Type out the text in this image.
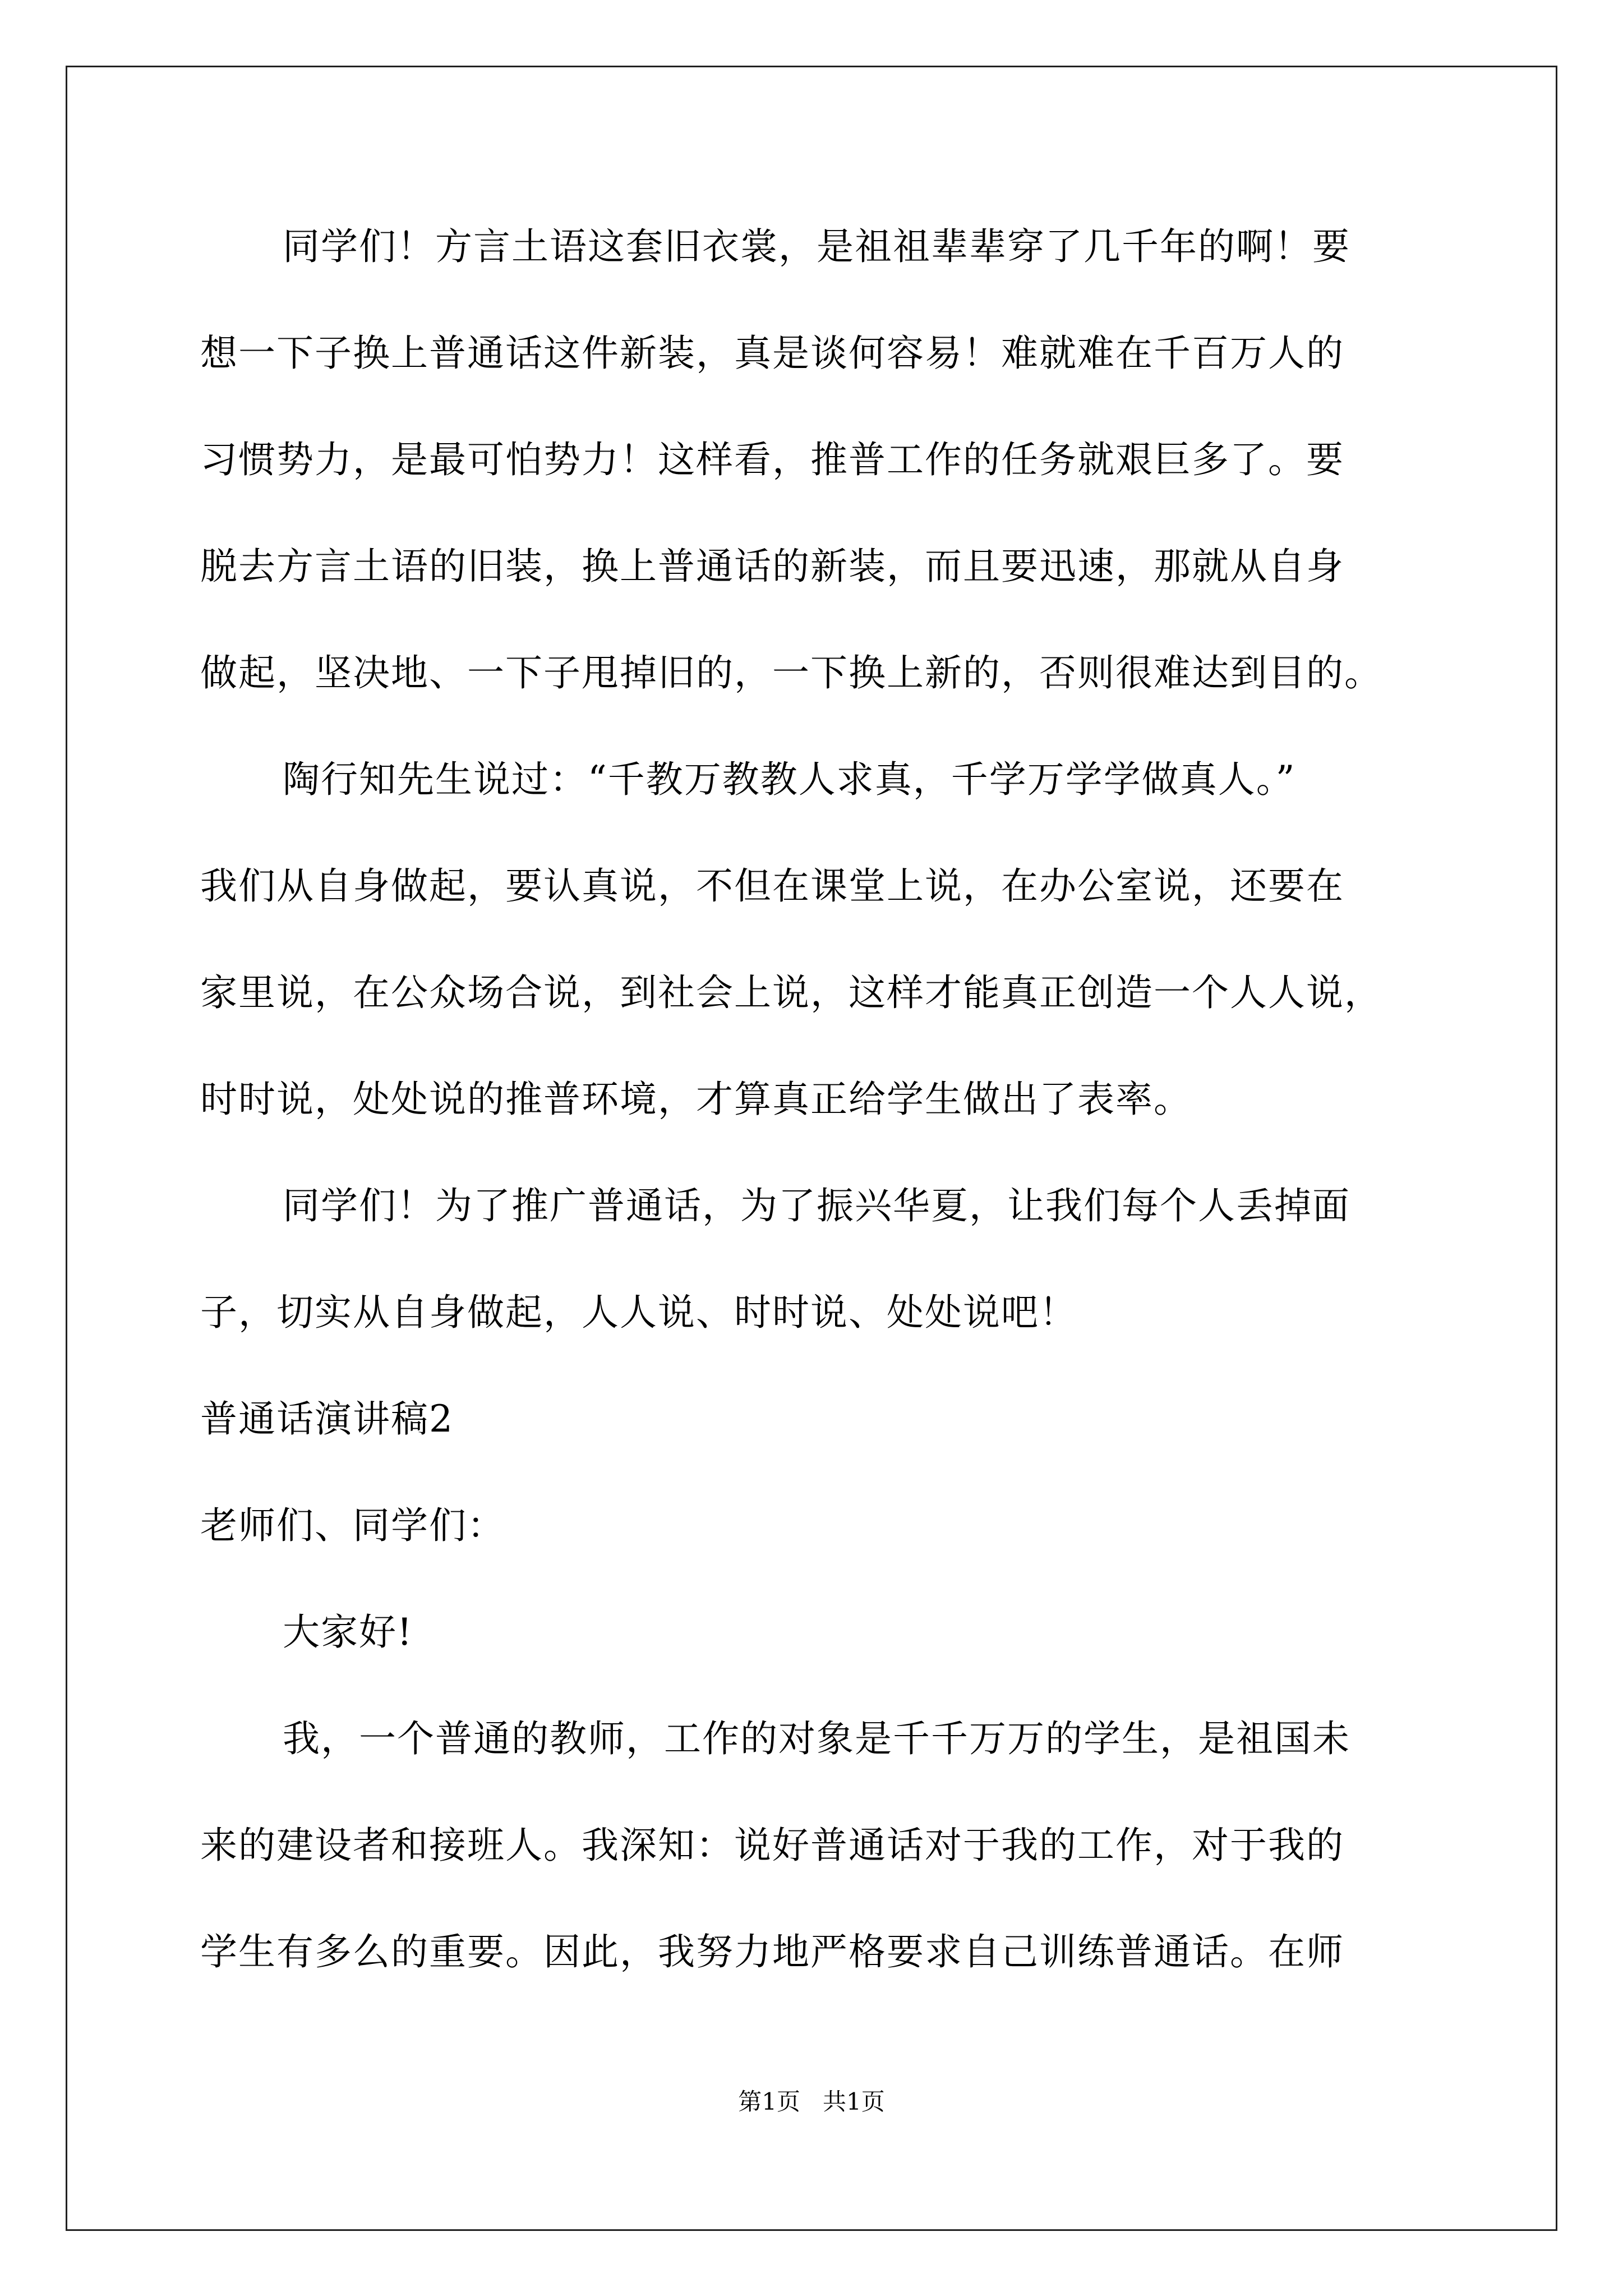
同学们！方言土语这套旧衣裳，是祖祖辈辈穿了几千年的啊！要
想一下子换上普通话这件新装，真是谈何容易！难就难在千百万人的
习惯势力，是最可怕势力！这样看，推普工作的任务就艰巨多了。要
脱去方言土语的旧装，换上普通话的新装，而且要迅速，那就从自身
做起，坚决地、一下子甩掉旧的，一下换上新的，否则很难达到目的。
陶行知先生说过：“千教万教教人求真，千学万学学做真人。”
我们从自身做起，要认真说，不但在课堂上说，在办公室说，还要在
家里说，在公众场合说，到社会上说，这样才能真正创造一个人人说，
时时说，处处说的推普环境，才算真正给学生做出了表率。
同学们！为了推广普通话，为了振兴华夏，让我们每个人丢掉面
子，切实从自身做起，人人说、时时说、处处说吧！
普通话演讲稿2
老师们、同学们：
大家好!
我，一个普通的教师，工作的对象是千千万万的学生，是祖国未
来的建设者和接班人。我深知：说好普通话对于我的工作，对于我的
学生有多么的重要。因此，我努力地严格要求自己训练普通话。在师
第1页   共1页
